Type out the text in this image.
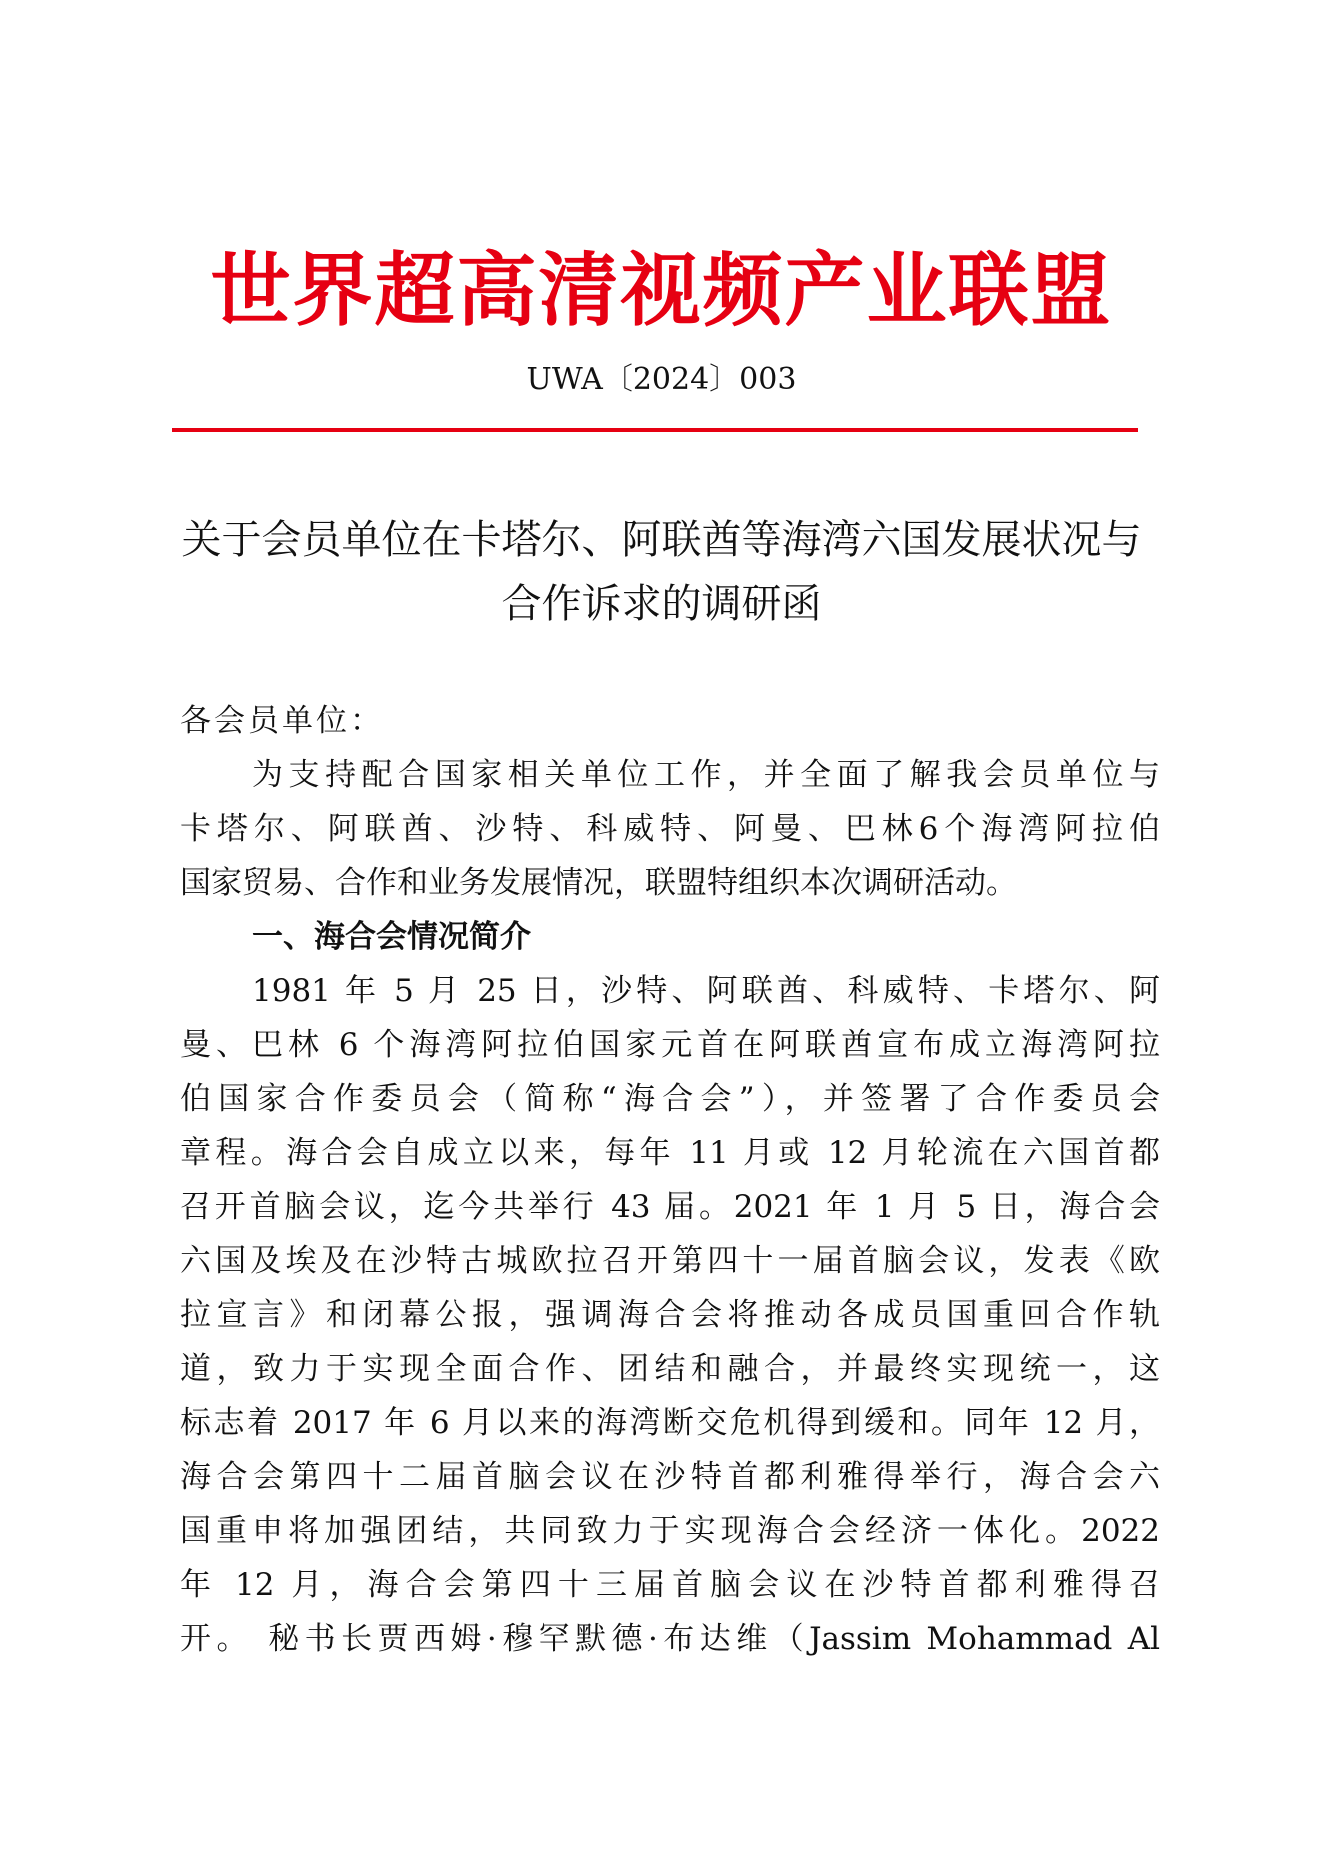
世界超高清视频产业联盟
UWA〔2024〕003
关于会员单位在卡塔尔、阿联酋等海湾六国发展状况与
合作诉求的调研函
各会员单位：
为支持配合国家相关单位工作，并全面了解我会员单位与
卡塔尔、阿联酋、沙特、科威特、阿曼、巴林6个海湾阿拉伯
国家贸易、合作和业务发展情况，联盟特组织本次调研活动。
一、海合会情况简介
1981 年 5 月 25 日，沙特、阿联酋、科威特、卡塔尔、阿
曼、巴林 6 个海湾阿拉伯国家元首在阿联酋宣布成立海湾阿拉
伯国家合作委员会（简称“海合会”），并签署了合作委员会
章程。海合会自成立以来，每年 11 月或 12 月轮流在六国首都
召开首脑会议，迄今共举行 43 届。2021 年 1 月 5 日，海合会
六国及埃及在沙特古城欧拉召开第四十一届首脑会议，发表《欧
拉宣言》和闭幕公报，强调海合会将推动各成员国重回合作轨
道，致力于实现全面合作、团结和融合，并最终实现统一，这
标志着 2017 年 6 月以来的海湾断交危机得到缓和。同年 12 月，
海合会第四十二届首脑会议在沙特首都利雅得举行，海合会六
国重申将加强团结，共同致力于实现海合会经济一体化。2022
年 12 月，海合会第四十三届首脑会议在沙特首都利雅得召
开。 秘书长贾西姆·穆罕默德·布达维（Jassim Mohammad Al
